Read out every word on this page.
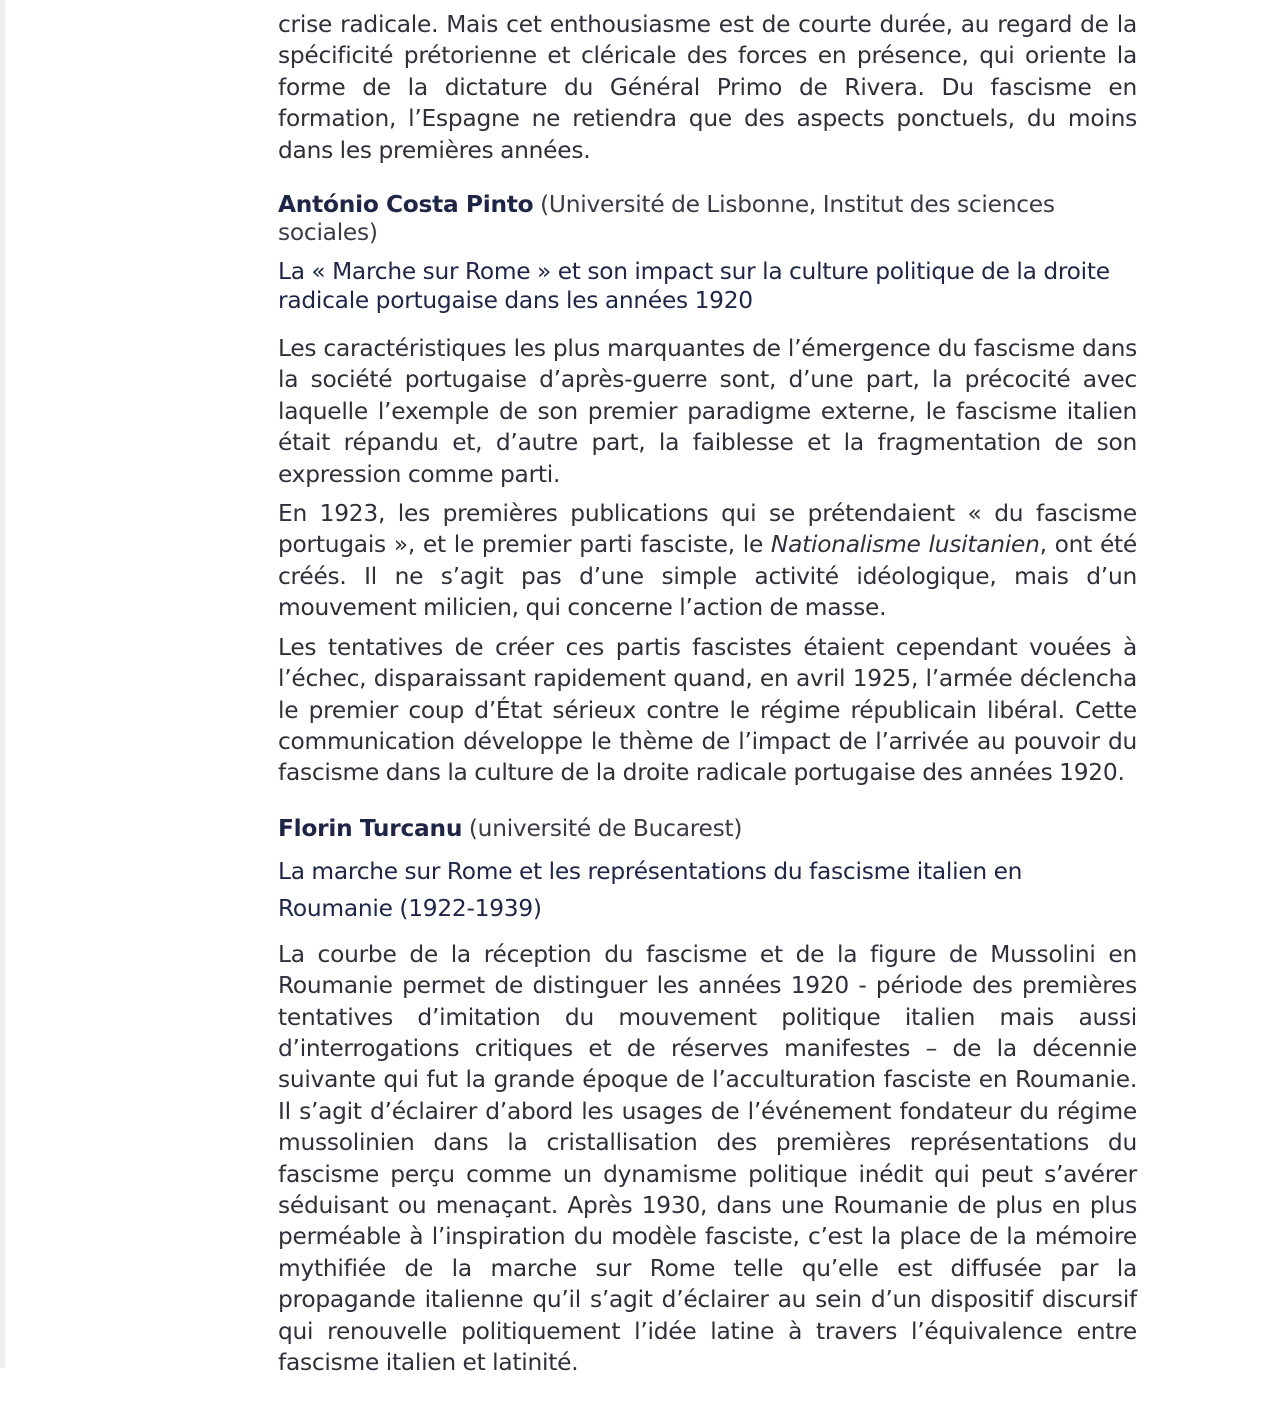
crise radicale. Mais cet enthousiasme est de courte durée, au regard de la spécificité prétorienne et cléricale des forces en présence, qui oriente la forme de la dictature du Général Primo de Rivera. Du fascisme en formation, l’Espagne ne retiendra que des aspects ponctuels, du moins dans les premières années.

António Costa Pinto (Université de Lisbonne, Institut des sciences sociales)
La « Marche sur Rome » et son impact sur la culture politique de la droite radicale portugaise dans les années 1920

Les caractéristiques les plus marquantes de l’émergence du fascisme dans la société portugaise d’après-guerre sont, d’une part, la précocité avec laquelle l’exemple de son premier paradigme externe, le fascisme italien était répandu et, d’autre part, la faiblesse et la fragmentation de son expression comme parti.

En 1923, les premières publications qui se prétendaient « du fascisme portugais », et le premier parti fasciste, le Nationalisme lusitanien, ont été créés. Il ne s’agit pas d’une simple activité idéologique, mais d’un mouvement milicien, qui concerne l’action de masse.

Les tentatives de créer ces partis fascistes étaient cependant vouées à l’échec, disparaissant rapidement quand, en avril 1925, l’armée déclencha le premier coup d’État sérieux contre le régime républicain libéral. Cette communication développe le thème de l’impact de l’arrivée au pouvoir du fascisme dans la culture de la droite radicale portugaise des années 1920.

Florin Turcanu (université de Bucarest)
La marche sur Rome et les représentations du fascisme italien en Roumanie (1922-1939)

La courbe de la réception du fascisme et de la figure de Mussolini en Roumanie permet de distinguer les années 1920 - période des premières tentatives d’imitation du mouvement politique italien mais aussi d’interrogations critiques et de réserves manifestes – de la décennie suivante qui fut la grande époque de l’acculturation fasciste en Roumanie. Il s’agit d’éclairer d’abord les usages de l’événement fondateur du régime mussolinien dans la cristallisation des premières représentations du fascisme perçu comme un dynamisme politique inédit qui peut s’avérer séduisant ou menaçant. Après 1930, dans une Roumanie de plus en plus perméable à l’inspiration du modèle fasciste, c’est la place de la mémoire mythifiée de la marche sur Rome telle qu’elle est diffusée par la propagande italienne qu’il s’agit d’éclairer au sein d’un dispositif discursif qui renouvelle politiquement l’idée latine à travers l’équivalence entre fascisme italien et latinité.
